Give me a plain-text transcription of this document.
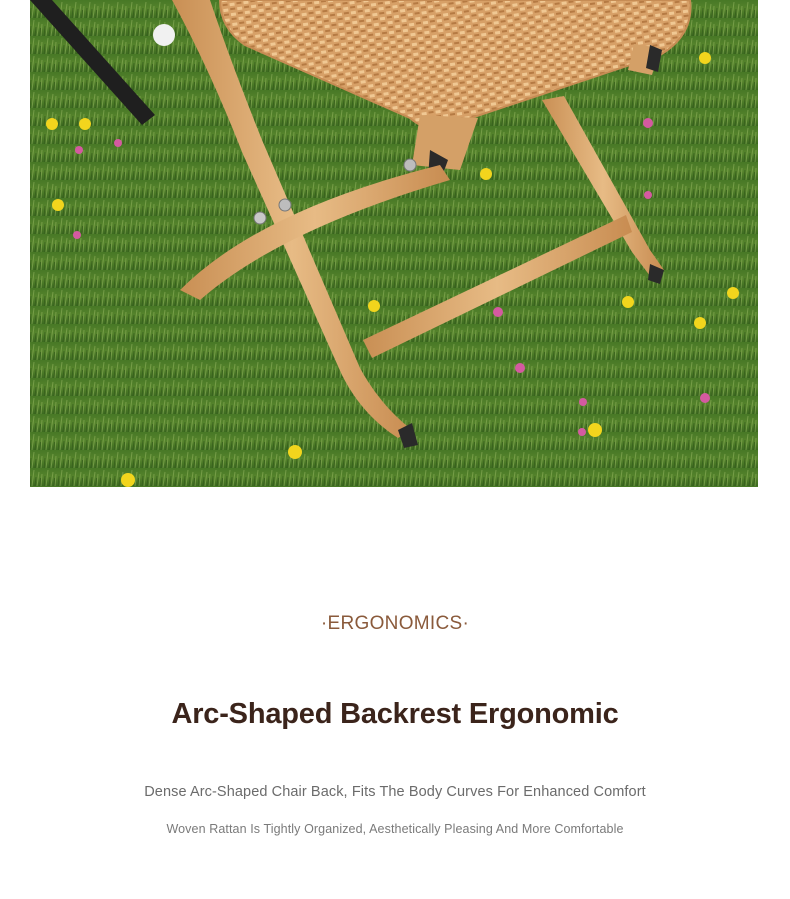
·ERGONOMICS·
Arc-Shaped Backrest Ergonomic
Dense Arc-Shaped Chair Back, Fits The Body Curves For Enhanced Comfort
Woven Rattan Is Tightly Organized, Aesthetically Pleasing And More Comfortable
